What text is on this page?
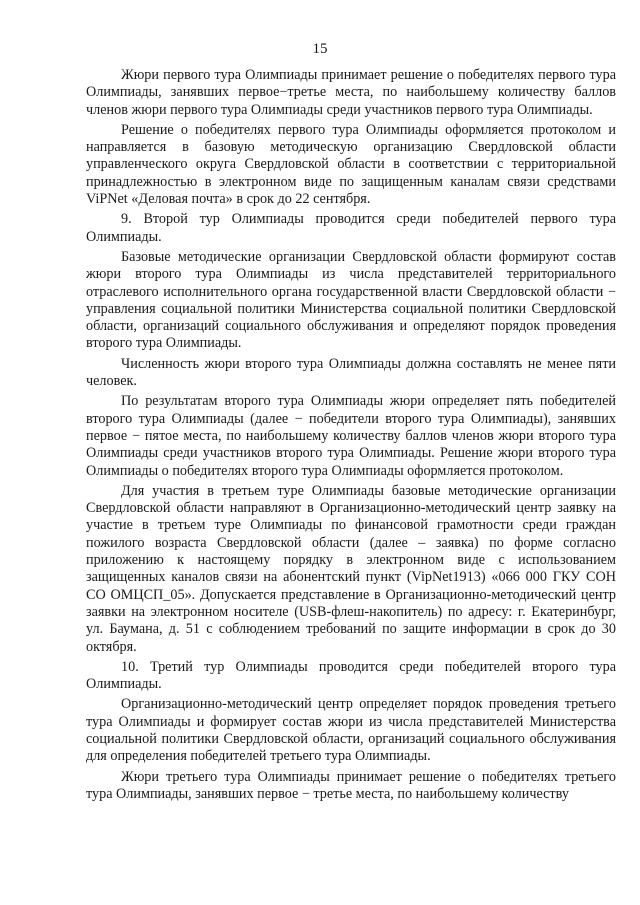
15

Жюри первого тура Олимпиады принимает решение о победителях первого тура Олимпиады, занявших первое−третье места, по наибольшему количеству баллов членов жюри первого тура Олимпиады среди участников первого тура Олимпиады.

Решение о победителях первого тура Олимпиады оформляется протоколом и направляется в базовую методическую организацию Свердловской области управленческого округа Свердловской области в соответствии с территориальной принадлежностью в электронном виде по защищенным каналам связи средствами ViPNet «Деловая почта» в срок до 22 сентября.

9. Второй тур Олимпиады проводится среди победителей первого тура Олимпиады.

Базовые методические организации Свердловской области формируют состав жюри второго тура Олимпиады из числа представителей территориального отраслевого исполнительного органа государственной власти Свердловской области − управления социальной политики Министерства социальной политики Свердловской области, организаций социального обслуживания и определяют порядок проведения второго тура Олимпиады.

Численность жюри второго тура Олимпиады должна составлять не менее пяти человек.

По результатам второго тура Олимпиады жюри определяет пять победителей второго тура Олимпиады (далее − победители второго тура Олимпиады), занявших первое − пятое места, по наибольшему количеству баллов членов жюри второго тура Олимпиады среди участников второго тура Олимпиады. Решение жюри второго тура Олимпиады о победителях второго тура Олимпиады оформляется протоколом.

Для участия в третьем туре Олимпиады базовые методические организации Свердловской области направляют в Организационно-методический центр заявку на участие в третьем туре Олимпиады по финансовой грамотности среди граждан пожилого возраста Свердловской области (далее – заявка) по форме согласно приложению к настоящему порядку в электронном виде с использованием защищенных каналов связи на абонентский пункт (VipNet1913) «066 000 ГКУ СОН СО ОМЦСП_05». Допускается представление в Организационно-методический центр заявки на электронном носителе (USB-флеш-накопитель) по адресу: г. Екатеринбург, ул. Баумана, д. 51 с соблюдением требований по защите информации в срок до 30 октября.

10. Третий тур Олимпиады проводится среди победителей второго тура Олимпиады.

Организационно-методический центр определяет порядок проведения третьего тура Олимпиады и формирует состав жюри из числа представителей Министерства социальной политики Свердловской области, организаций социального обслуживания для определения победителей третьего тура Олимпиады.

Жюри третьего тура Олимпиады принимает решение о победителях третьего тура Олимпиады, занявших первое − третье места, по наибольшему количеству
